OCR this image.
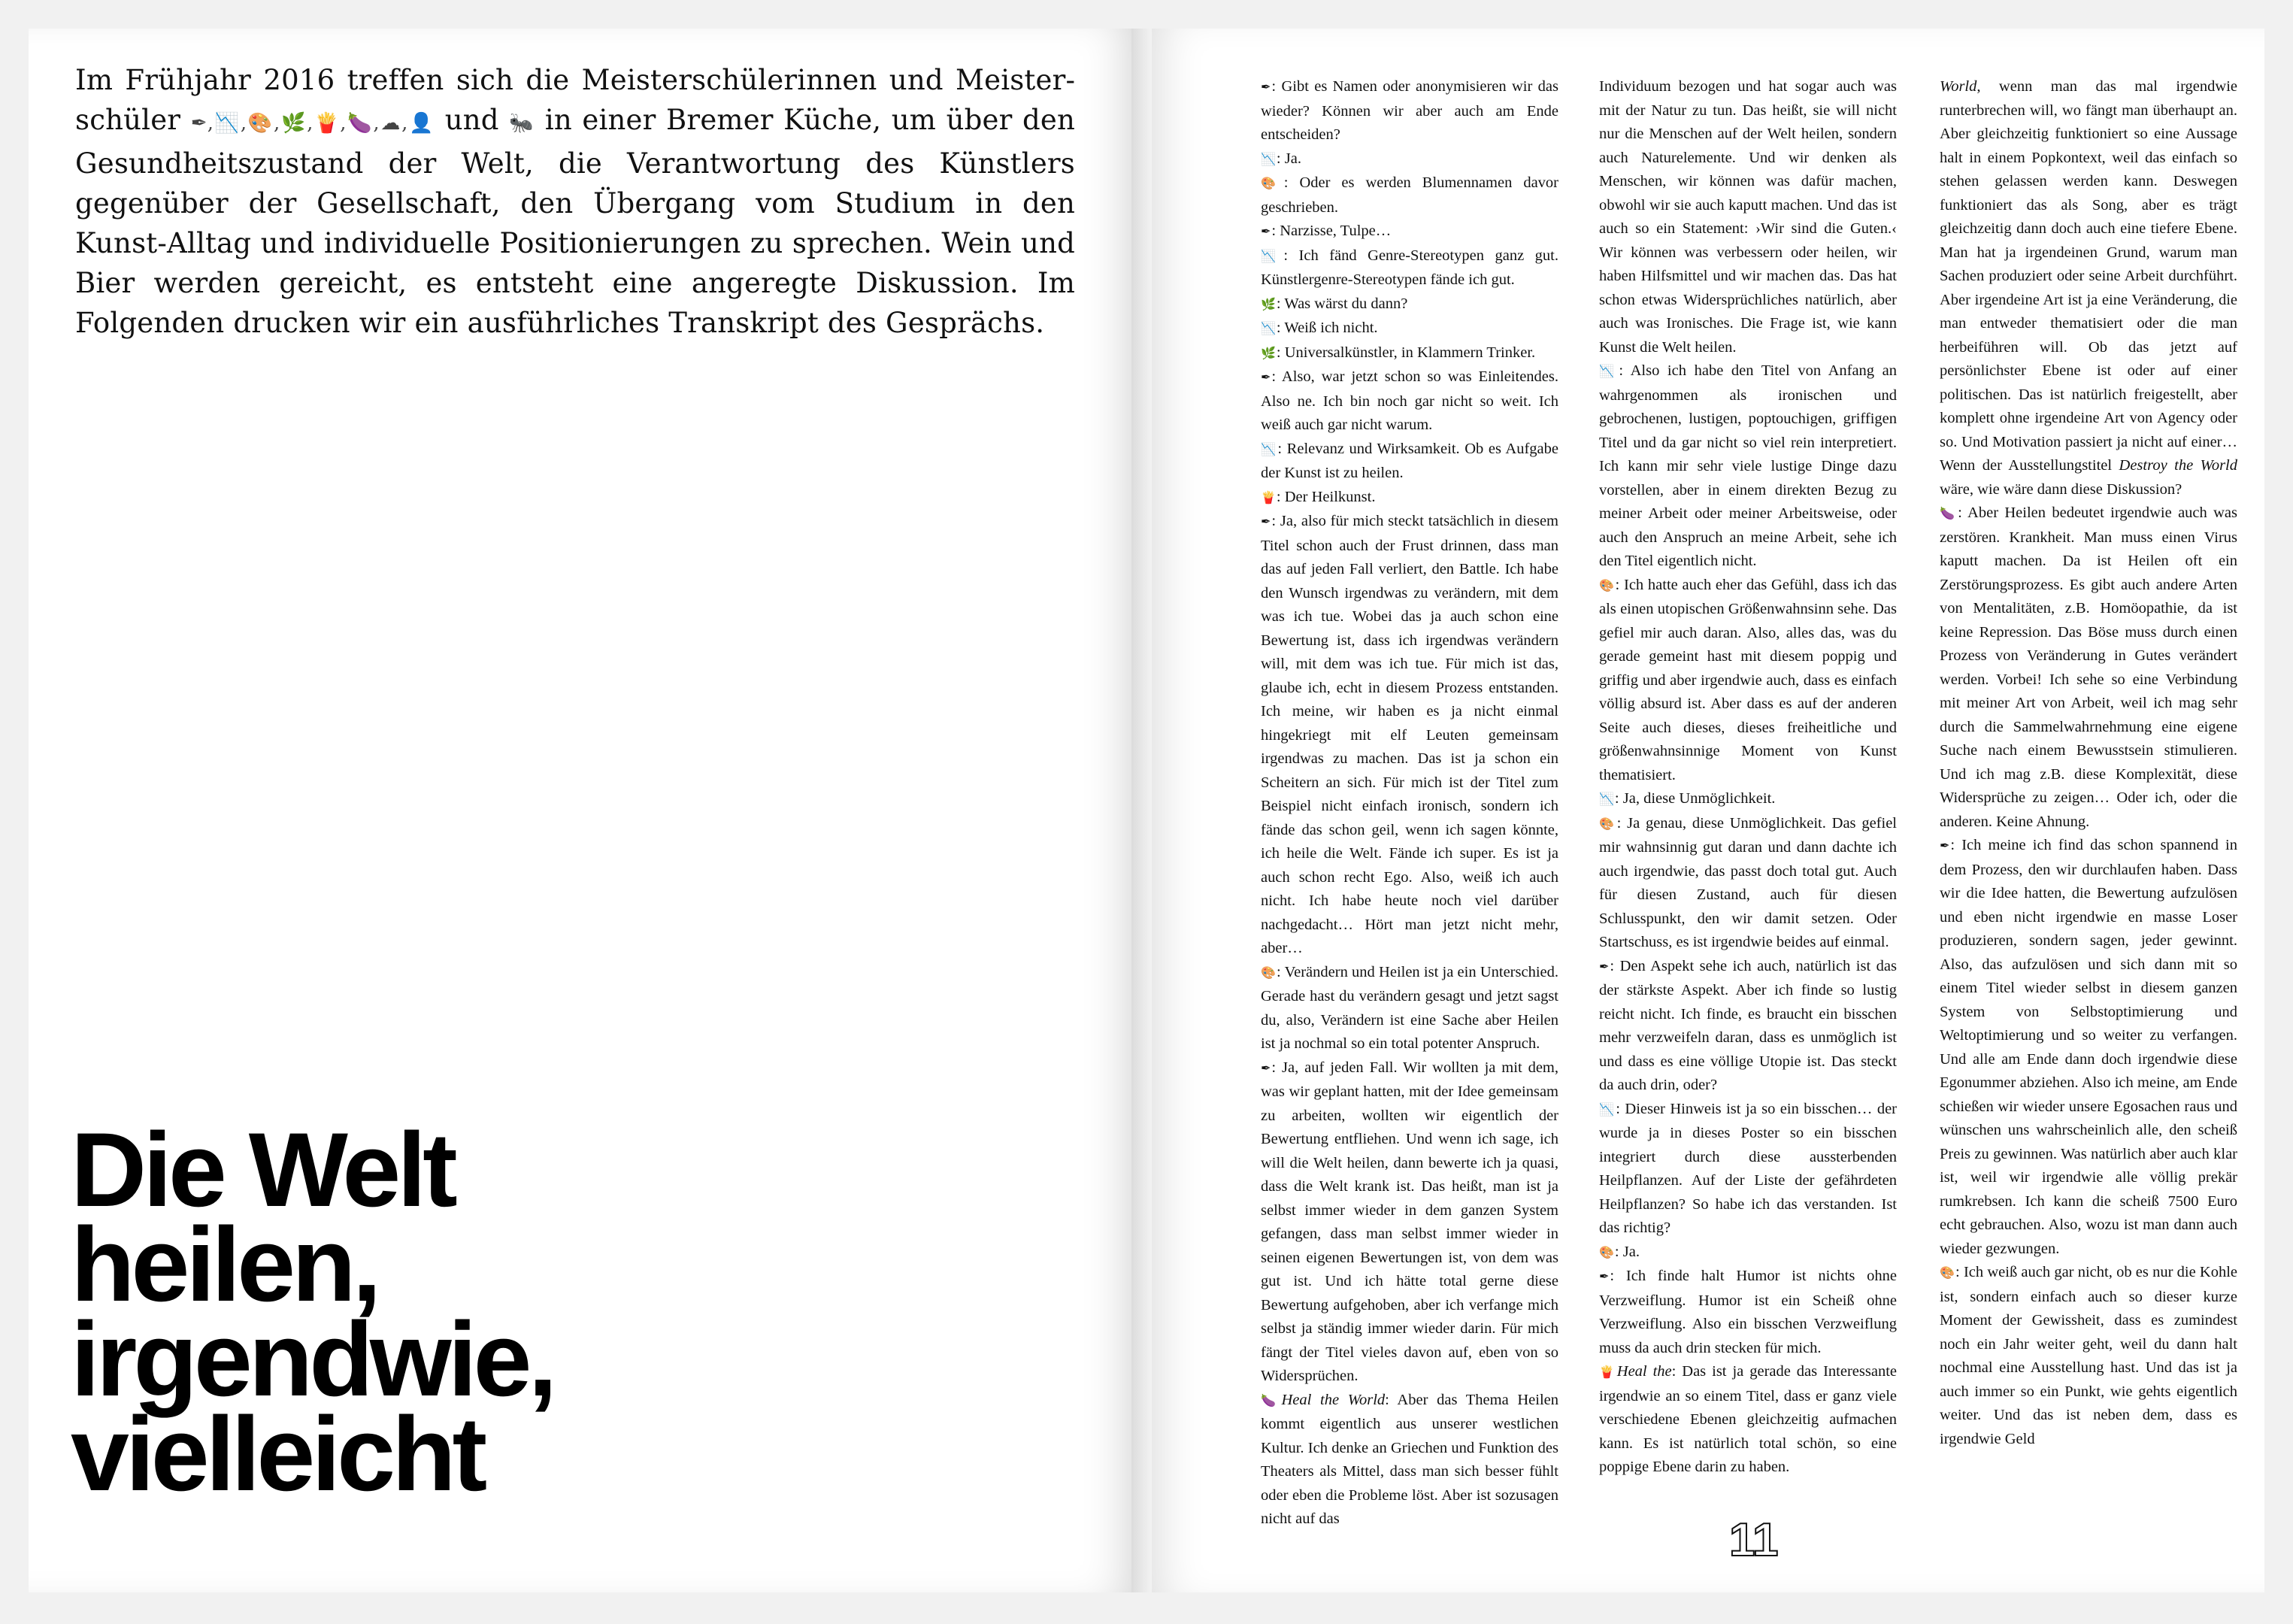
Im Frühjahr 2016 treffen sich die Meisterschülerinnen und Meisterschüler ✒,📉,🎨,🌿,🍟,🍆,☁,👤 und 🐜 in einer Bremer Küche, um über den Gesundheitszustand der Welt, die Verantwortung des Künstlers gegenüber der Gesellschaft, den Übergang vom Studium in den Kunst-Alltag und individuelle Positionierungen zu sprechen. Wein und Bier werden gereicht, es entsteht eine angeregte Diskussion. Im Folgenden drucken wir ein ausführliches Transkript des Gesprächs.

Die Welt
heilen,
irgendwie,
vielleicht

✒: Gibt es Namen oder anonymisieren wir das wieder? Können wir aber auch am Ende entscheiden?

📉: Ja.

🎨: Oder es werden Blumennamen davor geschrieben.

✒: Narzisse, Tulpe…

📉: Ich fänd Genre-Stereotypen ganz gut. Künstlergenre-Stereotypen fände ich gut.

🌿: Was wärst du dann?

📉: Weiß ich nicht.

🌿: Universalkünstler, in Klammern Trinker.

✒: Also, war jetzt schon so was Einleitendes. Also ne. Ich bin noch gar nicht so weit. Ich weiß auch gar nicht warum.

📉: Relevanz und Wirksamkeit. Ob es Aufgabe der Kunst ist zu heilen.

🍟: Der Heilkunst.

✒: Ja, also für mich steckt tatsächlich in diesem Titel schon auch der Frust drinnen, dass man das auf jeden Fall verliert, den Battle. Ich habe den Wunsch irgendwas zu verändern, mit dem was ich tue. Wobei das ja auch schon eine Bewertung ist, dass ich irgendwas verändern will, mit dem was ich tue. Für mich ist das, glaube ich, echt in diesem Prozess entstanden. Ich meine, wir haben es ja nicht einmal hingekriegt mit elf Leuten gemeinsam irgendwas zu machen. Das ist ja schon ein Scheitern an sich. Für mich ist der Titel zum Beispiel nicht einfach ironisch, sondern ich fände das schon geil, wenn ich sagen könnte, ich heile die Welt. Fände ich super. Es ist ja auch schon recht Ego. Also, weiß ich auch nicht. Ich habe heute noch viel darüber nachgedacht… Hört man jetzt nicht mehr, aber…

🎨: Verändern und Heilen ist ja ein Unterschied. Gerade hast du verändern gesagt und jetzt sagst du, also, Verändern ist eine Sache aber Heilen ist ja nochmal so ein total potenter Anspruch.

✒: Ja, auf jeden Fall. Wir wollten ja mit dem, was wir geplant hatten, mit der Idee gemeinsam zu arbeiten, wollten wir eigentlich der Bewertung entfliehen. Und wenn ich sage, ich will die Welt heilen, dann bewerte ich ja quasi, dass die Welt krank ist. Das heißt, man ist ja selbst immer wieder in dem ganzen System gefangen, dass man selbst immer wieder in seinen eigenen Bewertungen ist, von dem was gut ist. Und ich hätte total gerne diese Bewertung aufgehoben, aber ich verfange mich selbst ja ständig immer wieder darin. Für mich fängt der Titel vieles davon auf, eben von so Widersprüchen.

🍆Heal the World: Aber das Thema Heilen kommt eigentlich aus unserer westlichen Kultur. Ich denke an Griechen und Funktion des Theaters als Mittel, dass man sich besser fühlt oder eben die Probleme löst. Aber ist sozusagen nicht auf das

Individuum bezogen und hat sogar auch was mit der Natur zu tun. Das heißt, sie will nicht nur die Menschen auf der Welt heilen, sondern auch Naturelemente. Und wir denken als Menschen, wir können was dafür machen, obwohl wir sie auch kaputt machen. Und das ist auch so ein Statement: ›Wir sind die Guten.‹ Wir können was verbessern oder heilen, wir haben Hilfsmittel und wir machen das. Das hat schon etwas Widersprüchliches natürlich, aber auch was Ironisches. Die Frage ist, wie kann Kunst die Welt heilen.

📉: Also ich habe den Titel von Anfang an wahrgenommen als ironischen und gebrochenen, lustigen, poptouchigen, griffigen Titel und da gar nicht so viel rein interpretiert. Ich kann mir sehr viele lustige Dinge dazu vorstellen, aber in einem direkten Bezug zu meiner Arbeit oder meiner Arbeitsweise, oder auch den Anspruch an meine Arbeit, sehe ich den Titel eigentlich nicht.

🎨: Ich hatte auch eher das Gefühl, dass ich das als einen utopischen Größenwahnsinn sehe. Das gefiel mir auch daran. Also, alles das, was du gerade gemeint hast mit diesem poppig und griffig und aber irgendwie auch, dass es einfach völlig absurd ist. Aber dass es auf der anderen Seite auch dieses, dieses freiheitliche und größenwahnsinnige Moment von Kunst thematisiert.

📉: Ja, diese Unmöglichkeit.

🎨: Ja genau, diese Unmöglichkeit. Das gefiel mir wahnsinnig gut daran und dann dachte ich auch irgendwie, das passt doch total gut. Auch für diesen Zustand, auch für diesen Schlusspunkt, den wir damit setzen. Oder Startschuss, es ist irgendwie beides auf einmal.

✒: Den Aspekt sehe ich auch, natürlich ist das der stärkste Aspekt. Aber ich finde so lustig reicht nicht. Ich finde, es braucht ein bisschen mehr verzweifeln daran, dass es unmöglich ist und dass es eine völlige Utopie ist. Das steckt da auch drin, oder?

📉: Dieser Hinweis ist ja so ein bisschen… der wurde ja in dieses Poster so ein bisschen integriert durch diese aussterbenden Heilpflanzen. Auf der Liste der gefährdeten Heilpflanzen? So habe ich das verstanden. Ist das richtig?

🎨: Ja.

✒: Ich finde halt Humor ist nichts ohne Verzweiflung. Humor ist ein Scheiß ohne Verzweiflung. Also ein bisschen Verzweiflung muss da auch drin stecken für mich.

🍟Heal the: Das ist ja gerade das Interessante irgendwie an so einem Titel, dass er ganz viele verschiedene Ebenen gleichzeitig aufmachen kann. Es ist natürlich total schön, so eine poppige Ebene darin zu haben.

World, wenn man das mal irgendwie runterbrechen will, wo fängt man überhaupt an. Aber gleichzeitig funktioniert so eine Aussage halt in einem Popkontext, weil das einfach so stehen gelassen werden kann. Deswegen funktioniert das als Song, aber es trägt gleichzeitig dann doch auch eine tiefere Ebene. Man hat ja irgendeinen Grund, warum man Sachen produziert oder seine Arbeit durchführt. Aber irgendeine Art ist ja eine Veränderung, die man entweder thematisiert oder die man herbeiführen will. Ob das jetzt auf persönlichster Ebene ist oder auf einer politischen. Das ist natürlich freigestellt, aber komplett ohne irgendeine Art von Agency oder so. Und Motivation passiert ja nicht auf einer… Wenn der Ausstellungstitel Destroy the World wäre, wie wäre dann diese Diskussion?

🍆: Aber Heilen bedeutet irgendwie auch was zerstören. Krankheit. Man muss einen Virus kaputt machen. Da ist Heilen oft ein Zerstörungsprozess. Es gibt auch andere Arten von Mentalitäten, z.B. Homöopathie, da ist keine Repression. Das Böse muss durch einen Prozess von Veränderung in Gutes verändert werden. Vorbei! Ich sehe so eine Verbindung mit meiner Art von Arbeit, weil ich mag sehr durch die Sammelwahrnehmung eine eigene Suche nach einem Bewusstsein stimulieren. Und ich mag z.B. diese Komplexität, diese Widersprüche zu zeigen… Oder ich, oder die anderen. Keine Ahnung.

✒: Ich meine ich find das schon spannend in dem Prozess, den wir durchlaufen haben. Dass wir die Idee hatten, die Bewertung aufzulösen und eben nicht irgendwie en masse Loser produzieren, sondern sagen, jeder gewinnt. Also, das aufzulösen und sich dann mit so einem Titel wieder selbst in diesem ganzen System von Selbstoptimierung und Weltoptimierung und so weiter zu verfangen. Und alle am Ende dann doch irgendwie diese Egonummer abziehen. Also ich meine, am Ende schießen wir wieder unsere Egosachen raus und wünschen uns wahrscheinlich alle, den scheiß Preis zu gewinnen. Was natürlich aber auch klar ist, weil wir irgendwie alle völlig prekär rumkrebsen. Ich kann die scheiß 7500 Euro echt gebrauchen. Also, wozu ist man dann auch wieder gezwungen.

🎨: Ich weiß auch gar nicht, ob es nur die Kohle ist, sondern einfach auch so dieser kurze Moment der Gewissheit, dass es zumindest noch ein Jahr weiter geht, weil du dann halt nochmal eine Ausstellung hast. Und das ist ja auch immer so ein Punkt, wie gehts eigentlich weiter. Und das ist neben dem, dass es irgendwie Geld

11
